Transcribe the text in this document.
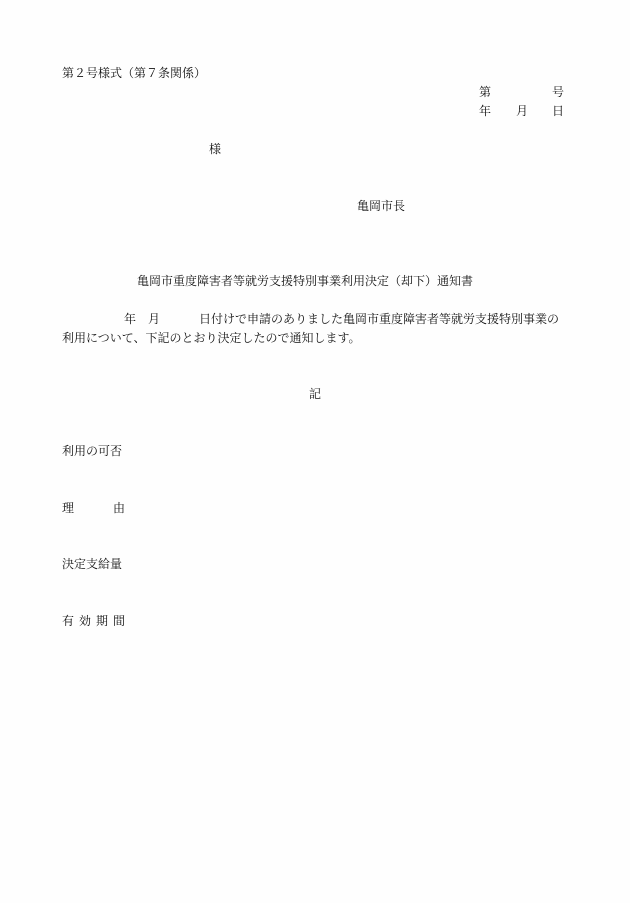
第２号様式（第７条関係）
第	号
年 月 日
様
亀岡市長
亀岡市重度障害者等就労支援特別事業利用決定（却下）通知書
年 月	日付けで申請のありました亀岡市重度障害者等就労支援特別事業の
利用について、下記のとおり決定したので通知します。
記
利用の可否
理	由
決定支給量
有効期間
